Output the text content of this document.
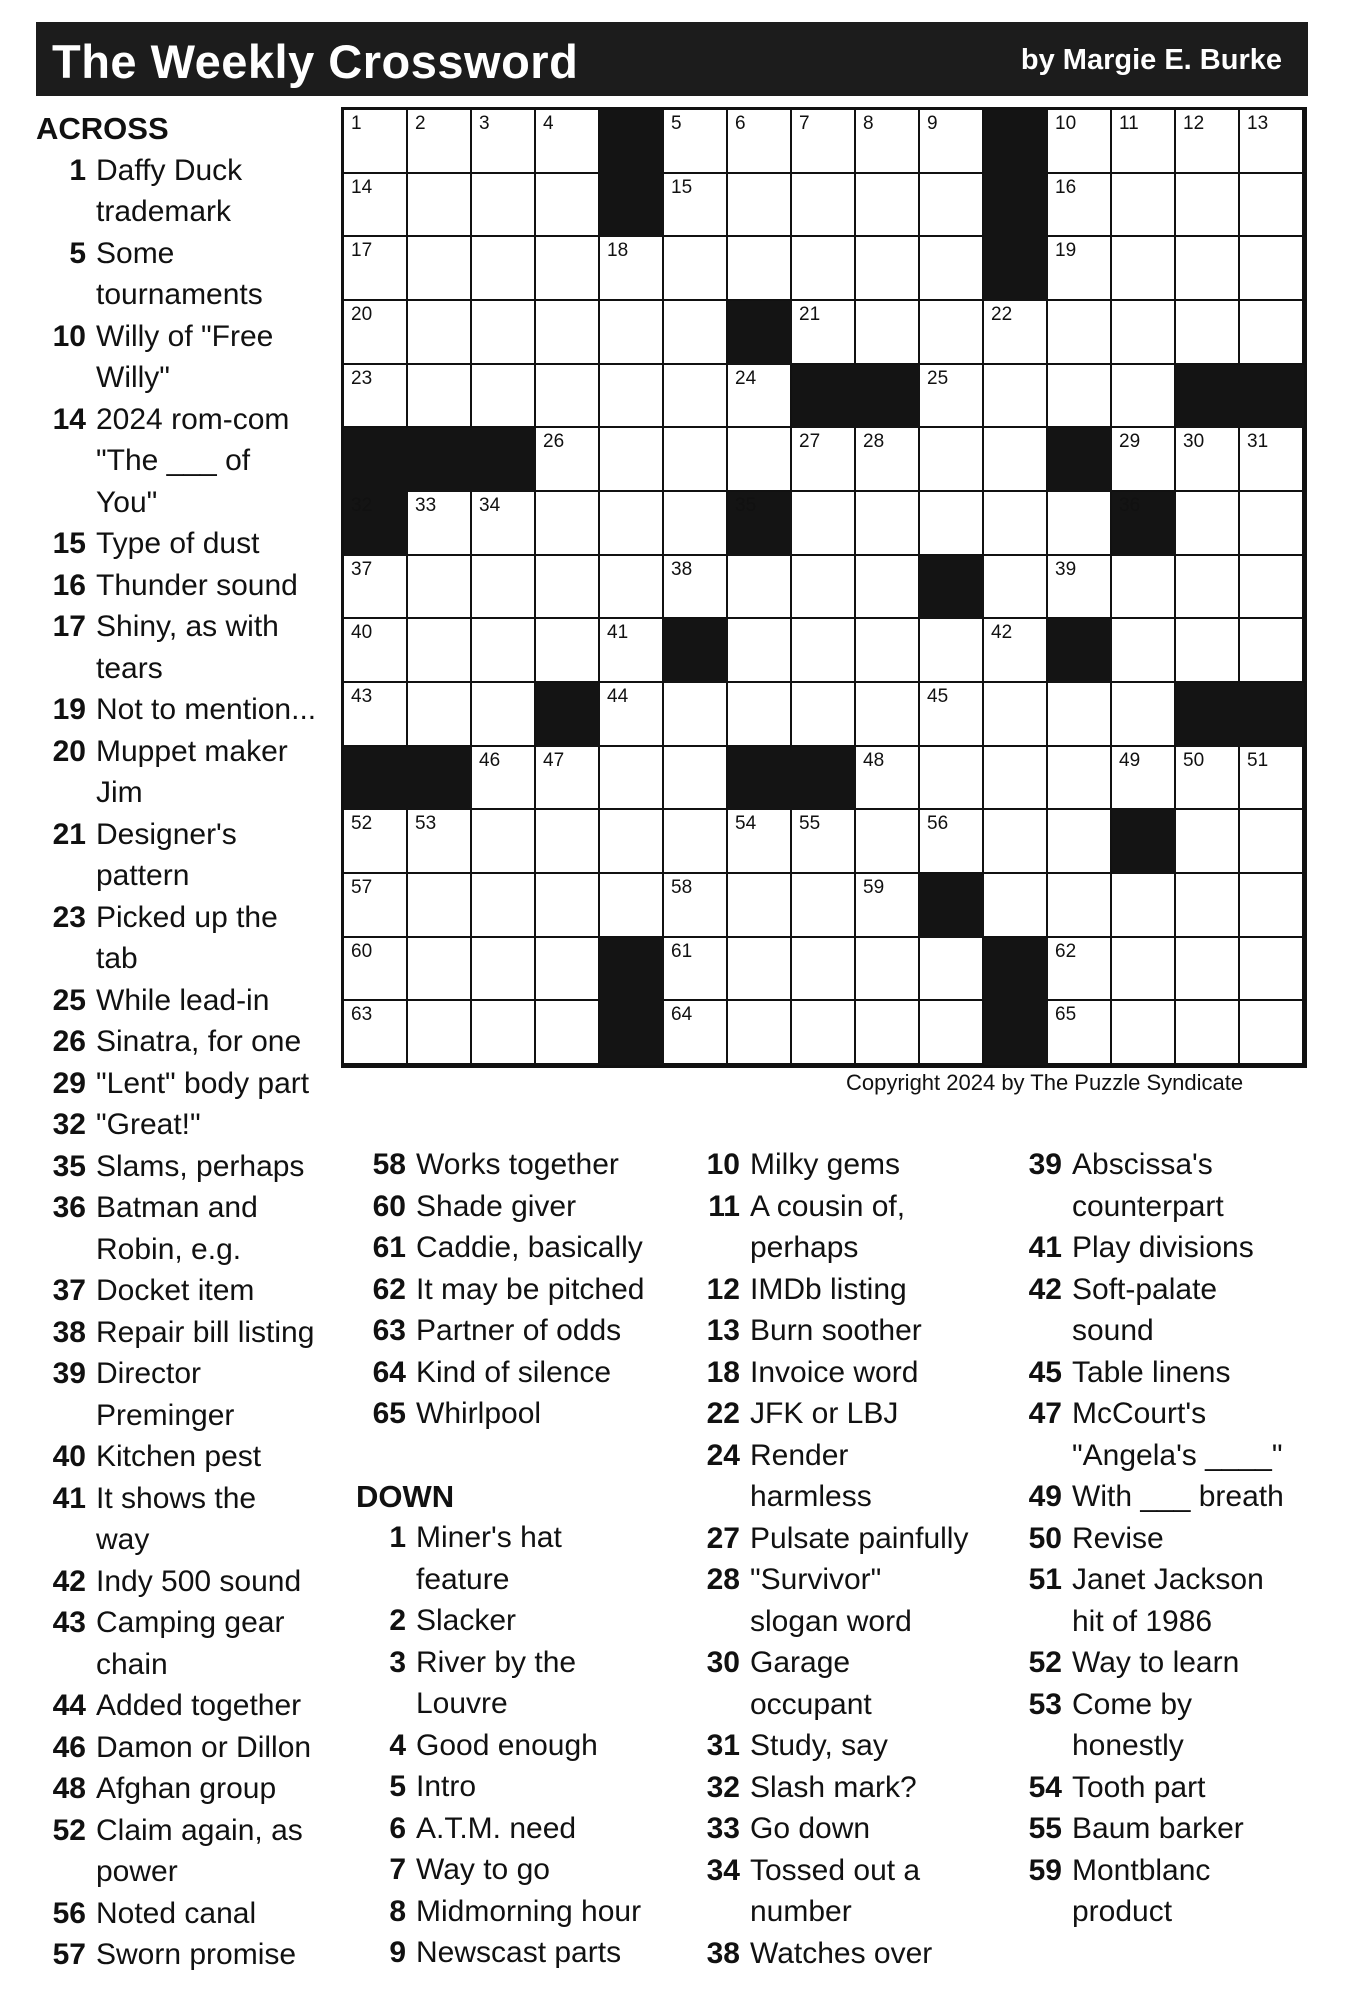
The Weekly Crossword	by Margie E. Burke
1	2	3	4	5	6	7	8	9	10 11 12 13
14	15	16
17	18	19
20	21	22
23	24	25
26	27 28	29 30 31
32 33 34	35	36
37	38	39
40	41	42
43	44	45
46 47	48	49 50 51
52 53	54 55	56
57	58	59
60	61	62
63	64	65
Copyright 2024 by The Puzzle Syndicate
ACROSS
1 Daffy Duck
trademark
5 Some
tournaments
10 Willy of "Free
Willy"
14 2024 rom-com
"The ___ of
You"
15 Type of dust
16 Thunder sound
17 Shiny, as with
tears
19 Not to mention...
20 Muppet maker
Jim
21 Designer's
pattern
23 Picked up the
tab
25 While lead-in
26 Sinatra, for one
29 "Lent" body part
32 "Great!"
35 Slams, perhaps
36 Batman and
Robin, e.g.
37 Docket item
38 Repair bill listing
39 Director
Preminger
40 Kitchen pest
41 It shows the
way
42 Indy 500 sound
43 Camping gear
chain
44 Added together
46 Damon or Dillon
48 Afghan group
52 Claim again, as
power
56 Noted canal
57 Sworn promise
58 Works together
60 Shade giver
61 Caddie, basically
62 It may be pitched
63 Partner of odds
64 Kind of silence
65 Whirlpool
DOWN
1 Miner's hat
feature
2 Slacker
3 River by the
Louvre
4 Good enough
5 Intro
6 A.T.M. need
7 Way to go
8 Midmorning hour
9 Newscast parts
10 Milky gems
11 A cousin of,
perhaps
12 IMDb listing
13 Burn soother
18 Invoice word
22 JFK or LBJ
24 Render
harmless
27 Pulsate painfully
28 "Survivor"
slogan word
30 Garage
occupant
31 Study, say
32 Slash mark?
33 Go down
34 Tossed out a
number
38 Watches over
39 Abscissa's
counterpart
41 Play divisions
42 Soft-palate
sound
45 Table linens
47 McCourt's
"Angela's ____"
49 With ___ breath
50 Revise
51 Janet Jackson
hit of 1986
52 Way to learn
53 Come by
honestly
54 Tooth part
55 Baum barker
59 Montblanc
product
